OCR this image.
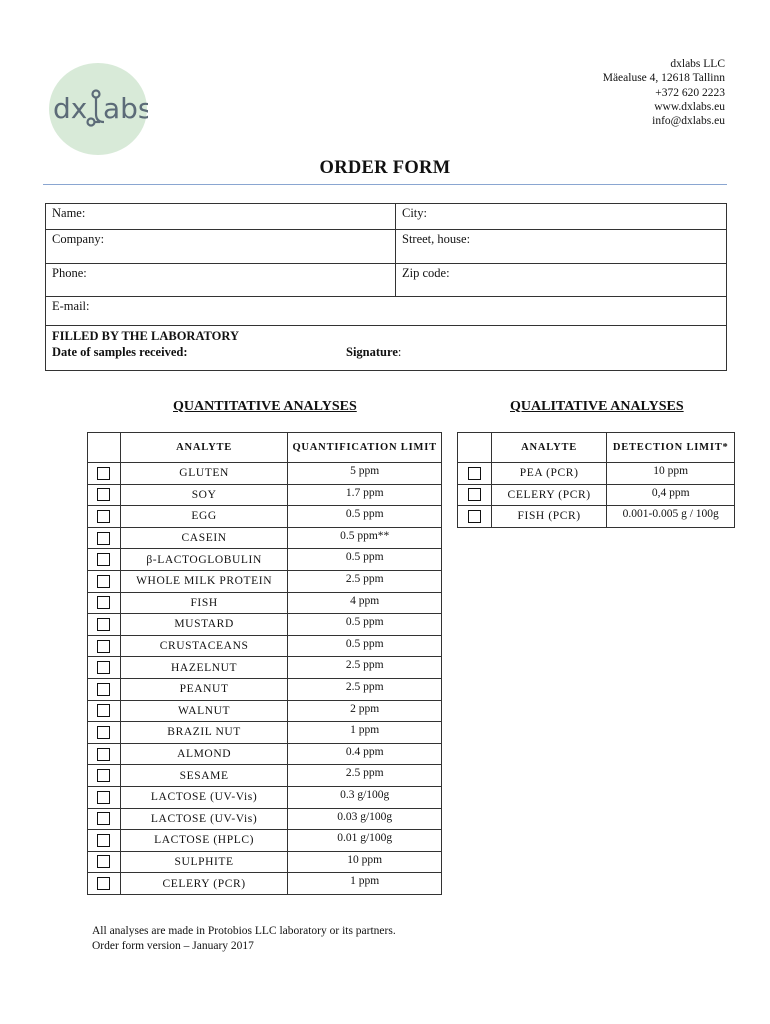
dx abs
dxlabs LLC
Mäealuse 4, 12618 Tallinn
+372 620 2223
www.dxlabs.eu
info@dxlabs.eu
ORDER FORM
Name:	City:
Company:	Street, house:
Phone:	Zip code:
E-mail:
FILLED BY THE LABORATORY
Date of samples received:	Signature:
QUANTITATIVE ANALYSES	QUALITATIVE ANALYSES
	ANALYTE	QUANTIFICATION LIMIT
	GLUTEN	5 ppm
	SOY	1.7 ppm
	EGG	0.5 ppm
	CASEIN	0.5 ppm**
	β-LACTOGLOBULIN	0.5 ppm
	WHOLE MILK PROTEIN	2.5 ppm
	FISH	4 ppm
	MUSTARD	0.5 ppm
	CRUSTACEANS	0.5 ppm
	HAZELNUT	2.5 ppm
	PEANUT	2.5 ppm
	WALNUT	2 ppm
	BRAZIL NUT	1 ppm
	ALMOND	0.4 ppm
	SESAME	2.5 ppm
	LACTOSE (UV-Vis)	0.3 g/100g
	LACTOSE (UV-Vis)	0.03 g/100g
	LACTOSE (HPLC)	0.01 g/100g
	SULPHITE	10 ppm
	CELERY (PCR)	1 ppm
	ANALYTE	DETECTION LIMIT*
	PEA (PCR)	10 ppm
	CELERY (PCR)	0,4 ppm
	FISH (PCR)	0.001-0.005 g / 100g
All analyses are made in Protobios LLC laboratory or its partners.
Order form version – January 2017
